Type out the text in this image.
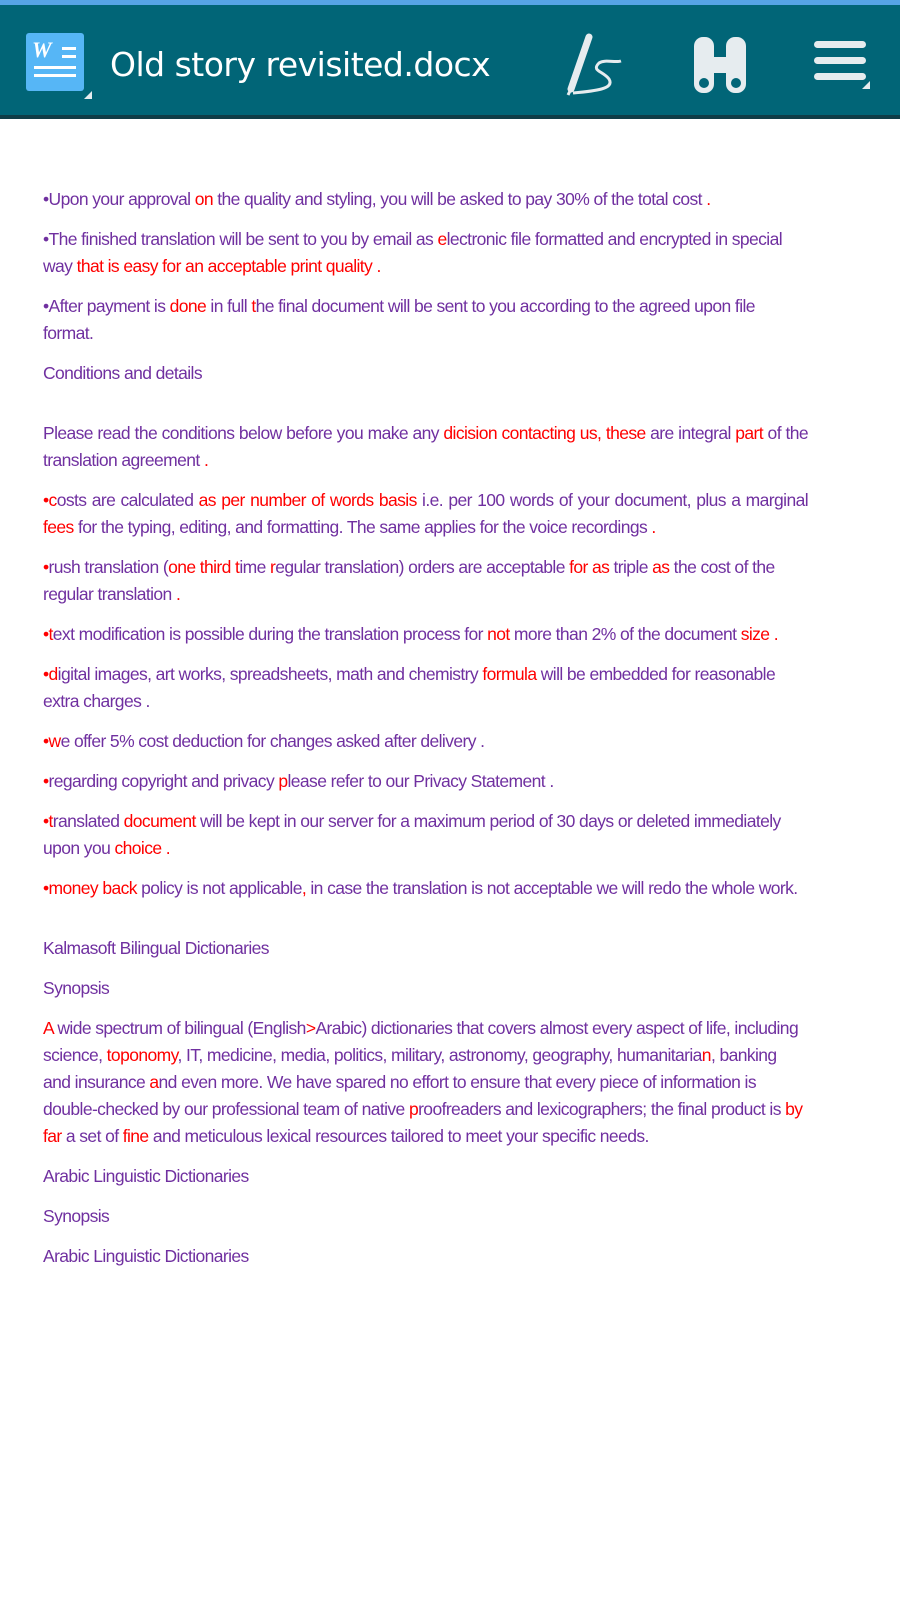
W Old story revisited.docx
•Upon your approval on the quality and styling, you will be asked to pay 30% of the total cost .
•The finished translation will be sent to you by email as electronic file formatted and encrypted in special way that is easy for an acceptable print quality .
•After payment is done in full the final document will be sent to you according to the agreed upon file format.
Conditions and details
Please read the conditions below before you make any dicision contacting us, these are integral part of the translation agreement .
•costs are calculated as per number of words basis i.e. per 100 words of your document, plus a marginal fees for the typing, editing, and formatting. The same applies for the voice recordings .
•rush translation (one third time regular translation) orders are acceptable for as triple as the cost of the regular translation .
•text modification is possible during the translation process for not more than 2% of the document size .
•digital images, art works, spreadsheets, math and chemistry formula will be embedded for reasonable extra charges .
•we offer 5% cost deduction for changes asked after delivery .
•regarding copyright and privacy please refer to our Privacy Statement .
•translated document will be kept in our server for a maximum period of 30 days or deleted immediately upon you choice .
•money back policy is not applicable, in case the translation is not acceptable we will redo the whole work.
Kalmasoft Bilingual Dictionaries
Synopsis
A wide spectrum of bilingual (English>Arabic) dictionaries that covers almost every aspect of life, including science, toponomy, IT, medicine, media, politics, military, astronomy, geography, humanitarian, banking and insurance and even more. We have spared no effort to ensure that every piece of information is double-checked by our professional team of native proofreaders and lexicographers; the final product is by far a set of fine and meticulous lexical resources tailored to meet your specific needs.
Arabic Linguistic Dictionaries
Synopsis
Arabic Linguistic Dictionaries
